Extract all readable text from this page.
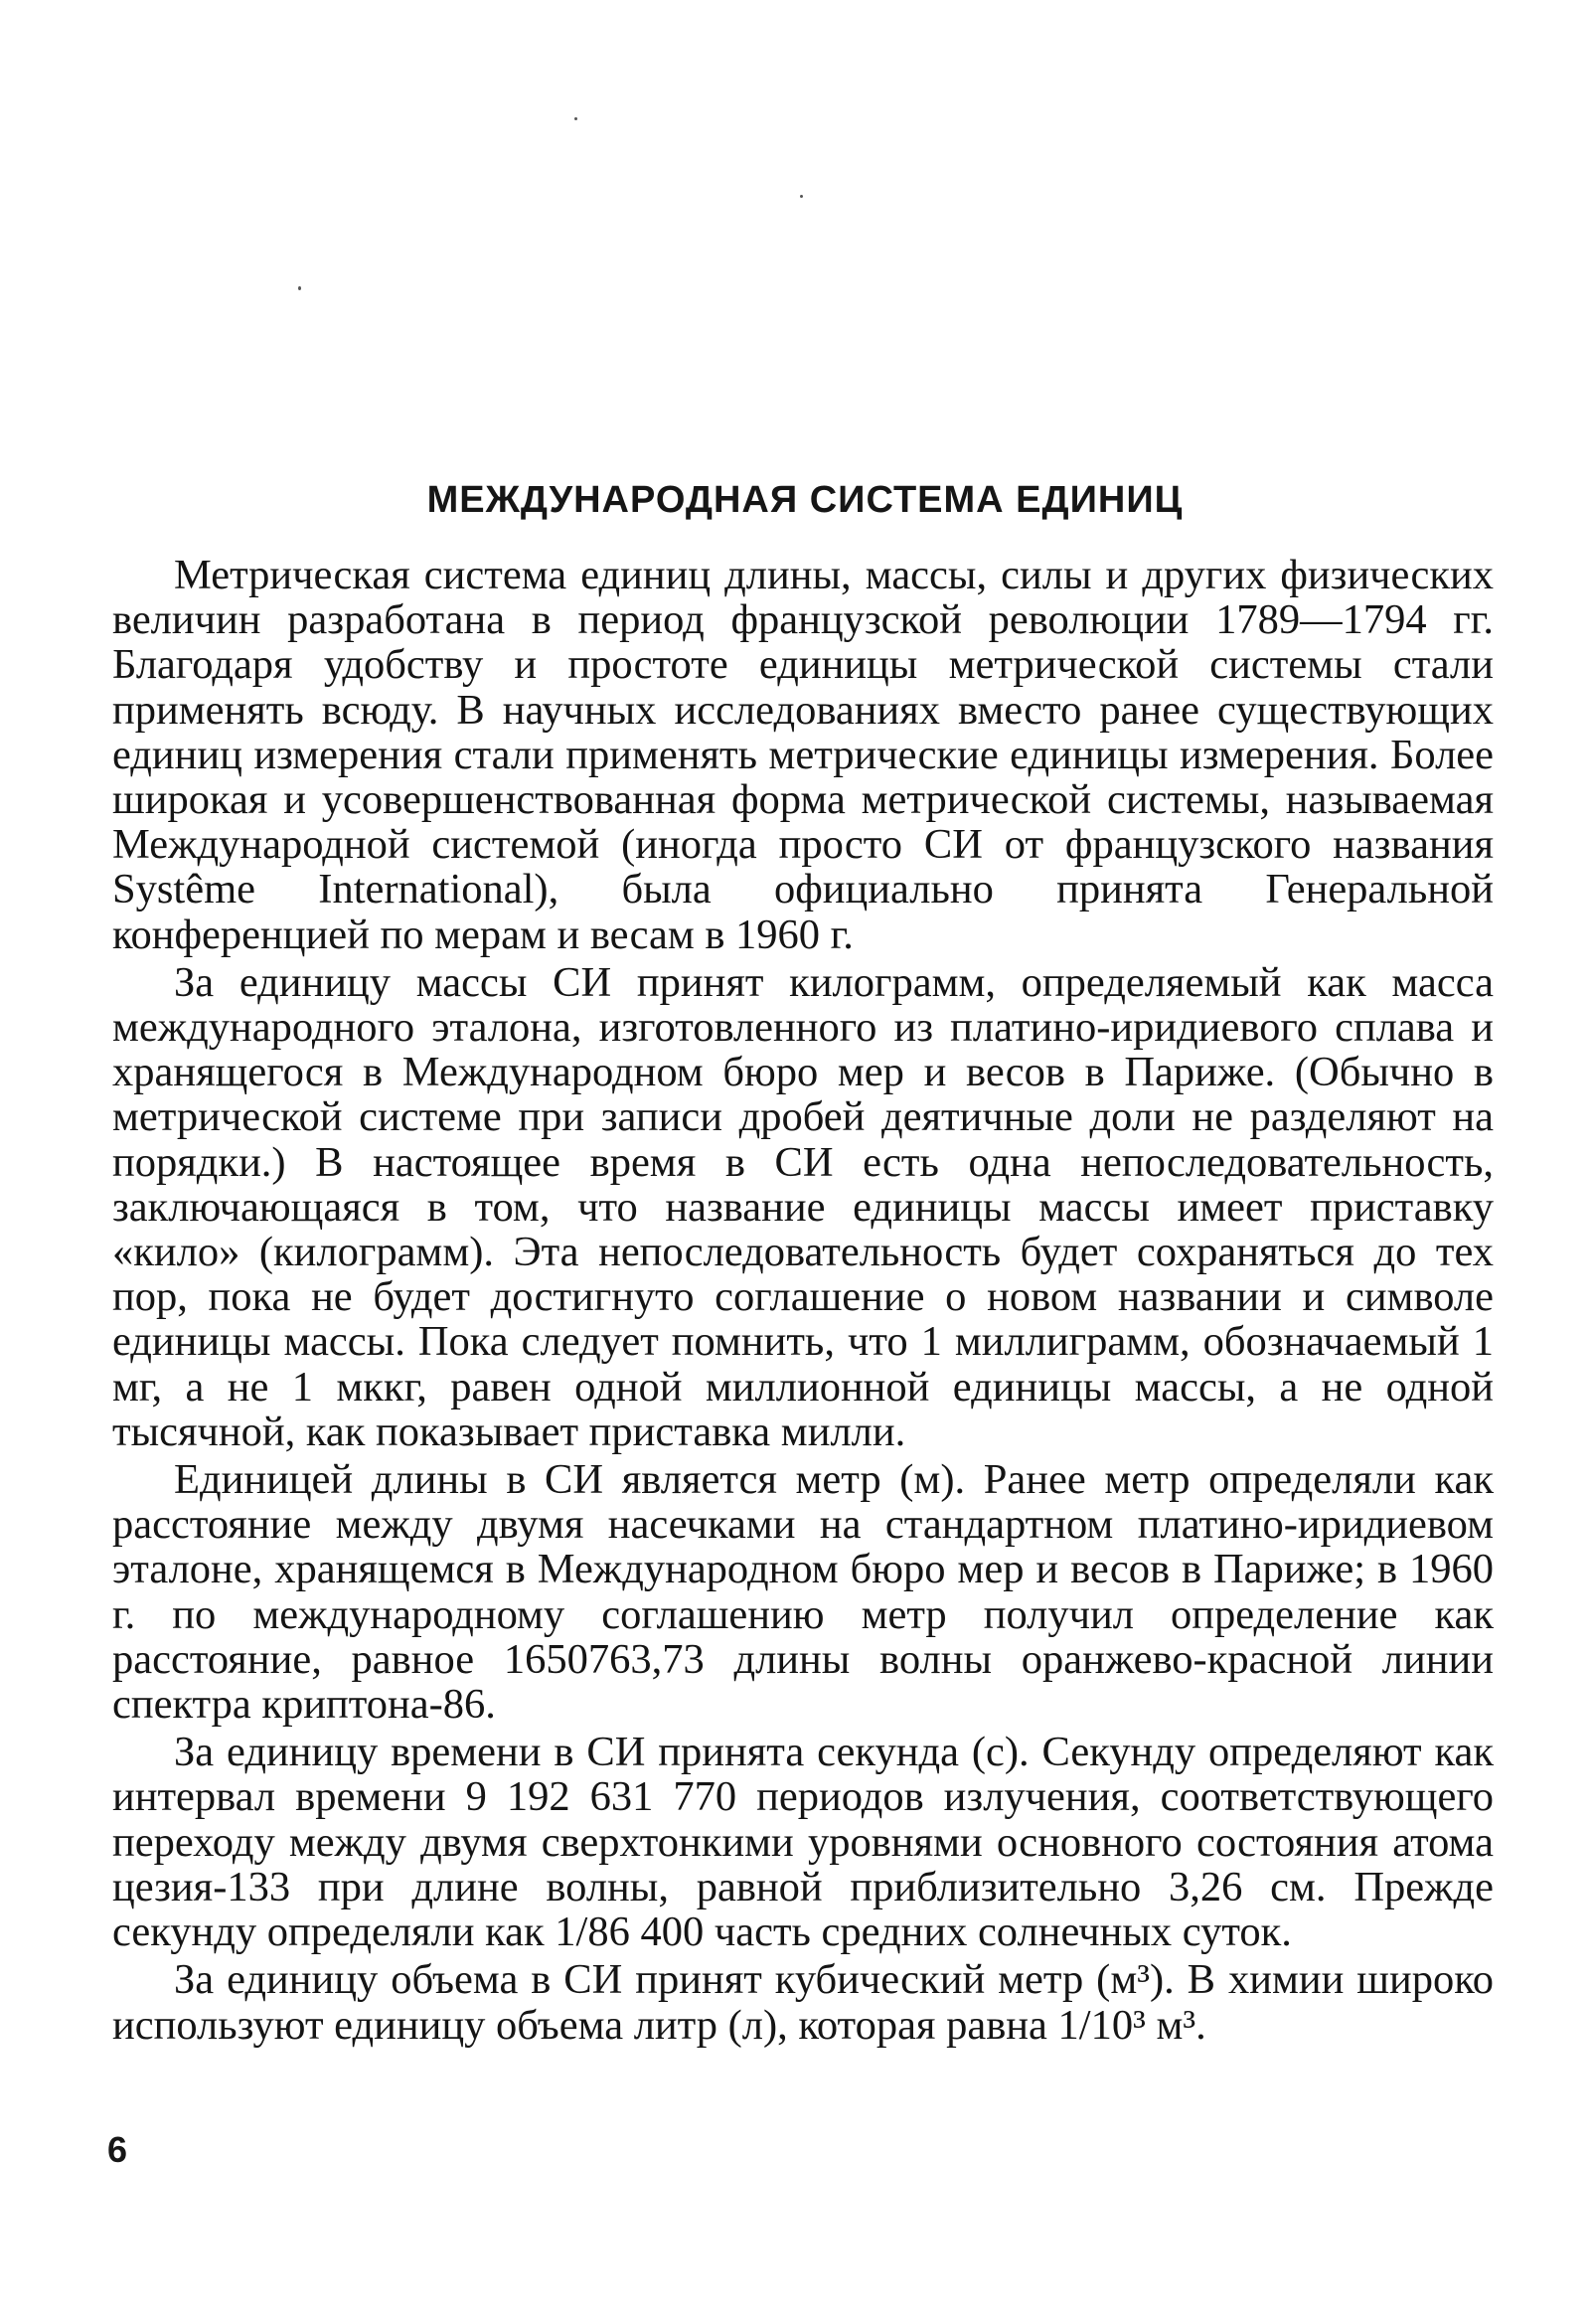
МЕЖДУНАРОДНАЯ СИСТЕМА ЕДИНИЦ

Метрическая система единиц длины, массы, силы и других физических величин разработана в период французской революции 1789—1794 гг. Благодаря удобству и простоте единицы метрической системы стали применять всюду. В научных исследованиях вместо ранее существующих единиц измерения стали применять метрические единицы измерения. Более широкая и усовершенствованная форма метрической системы, называемая Международной системой (иногда просто СИ от французского названия Systême International), была официально принята Генеральной конференцией по мерам и весам в 1960 г.

За единицу массы СИ принят килограмм, определяемый как масса международного эталона, изготовленного из платино-иридиевого сплава и хранящегося в Международном бюро мер и весов в Париже. (Обычно в метрической системе при записи дробей деятичные доли не разделяют на порядки.) В настоящее время в СИ есть одна непоследовательность, заключающаяся в том, что название единицы массы имеет приставку «кило» (килограмм). Эта непоследовательность будет сохраняться до тех пор, пока не будет достигнуто соглашение о новом названии и символе единицы массы. Пока следует помнить, что 1 миллиграмм, обозначаемый 1 мг, а не 1 мккг, равен одной миллионной единицы массы, а не одной тысячной, как показывает приставка милли.

Единицей длины в СИ является метр (м). Ранее метр определяли как расстояние между двумя насечками на стандартном платино-иридиевом эталоне, хранящемся в Международном бюро мер и весов в Париже; в 1960 г. по международному соглашению метр получил определение как расстояние, равное 1650763,73 длины волны оранжево-красной линии спектра криптона-86.

За единицу времени в СИ принята секунда (с). Секунду определяют как интервал времени 9 192 631 770 периодов излучения, соответствующего переходу между двумя сверхтонкими уровнями основного состояния атома цезия-133 при длине волны, равной приблизительно 3,26 см. Прежде секунду определяли как 1/86 400 часть средних солнечных суток.

За единицу объема в СИ принят кубический метр (м³). В химии широко используют единицу объема литр (л), которая равна 1/10³ м³.

6
